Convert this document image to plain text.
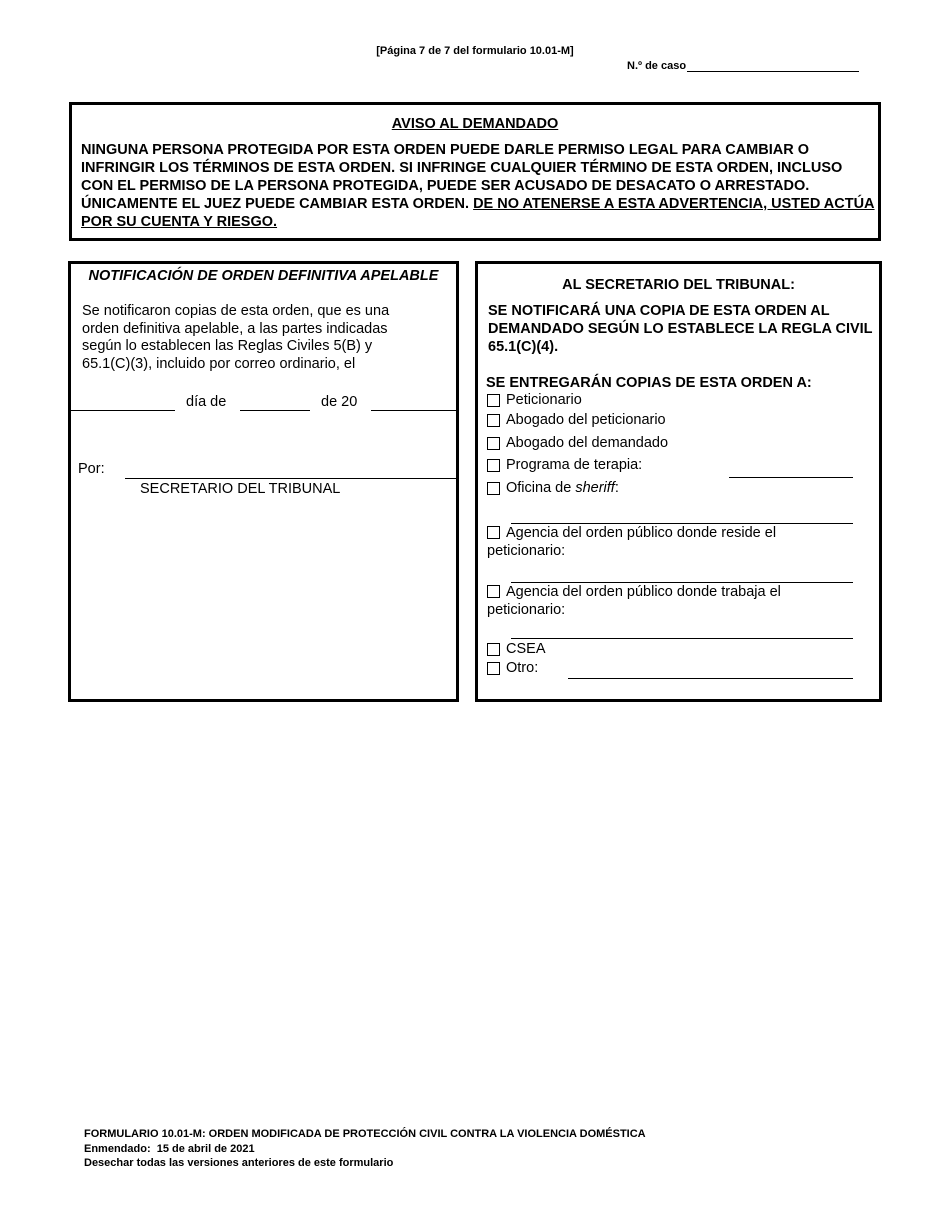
[Página 7 de 7 del formulario 10.01-M]
N.º de caso
AVISO AL DEMANDADO
NINGUNA PERSONA PROTEGIDA POR ESTA ORDEN PUEDE DARLE PERMISO LEGAL PARA CAMBIAR O INFRINGIR LOS TÉRMINOS DE ESTA ORDEN. SI INFRINGE CUALQUIER TÉRMINO DE ESTA ORDEN, INCLUSO CON EL PERMISO DE LA PERSONA PROTEGIDA, PUEDE SER ACUSADO DE DESACATO O ARRESTADO. ÚNICAMENTE EL JUEZ PUEDE CAMBIAR ESTA ORDEN. DE NO ATENERSE A ESTA ADVERTENCIA, USTED ACTÚA POR SU CUENTA Y RIESGO.
NOTIFICACIÓN DE ORDEN DEFINITIVA APELABLE
Se notificaron copias de esta orden, que es una orden definitiva apelable, a las partes indicadas según lo establecen las Reglas Civiles 5(B) y 65.1(C)(3), incluido por correo ordinario, el
día de	de 20
Por:
SECRETARIO DEL TRIBUNAL
AL SECRETARIO DEL TRIBUNAL:
SE NOTIFICARÁ UNA COPIA DE ESTA ORDEN AL DEMANDADO SEGÚN LO ESTABLECE LA REGLA CIVIL 65.1(C)(4).
SE ENTREGARÁN COPIAS DE ESTA ORDEN A:
Peticionario
Abogado del peticionario
Abogado del demandado
Programa de terapia:
Oficina de sheriff:
Agencia del orden público donde reside el peticionario:
Agencia del orden público donde trabaja el peticionario:
CSEA
Otro:
FORMULARIO 10.01-M: ORDEN MODIFICADA DE PROTECCIÓN CIVIL CONTRA LA VIOLENCIA DOMÉSTICA
Enmendado:  15 de abril de 2021
Desechar todas las versiones anteriores de este formulario
